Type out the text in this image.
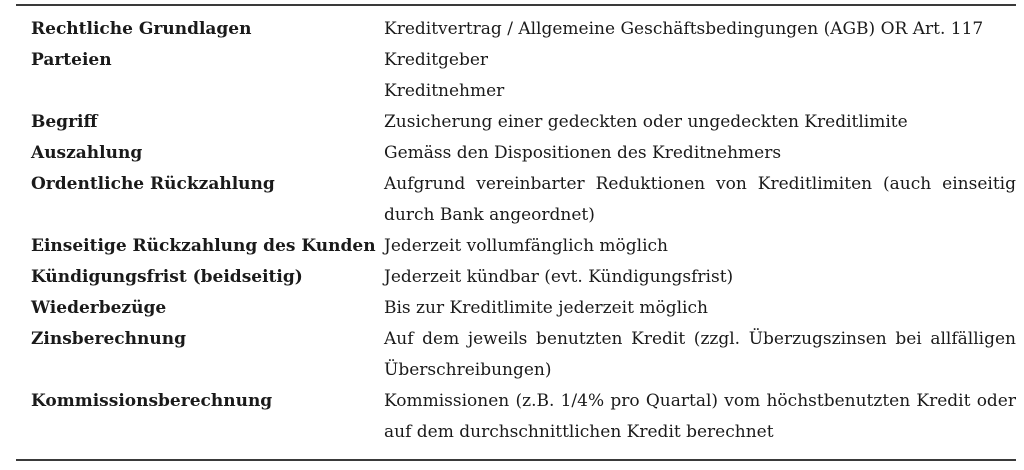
Rechtliche Grundlagen	Kreditvertrag / Allgemeine Geschäftsbedingungen (AGB) OR Art. 117

Parteien	Kreditgeber
Kreditnehmer

Begriff	Zusicherung einer gedeckten oder ungedeckten Kreditlimite

Auszahlung	Gemäss den Dispositionen des Kreditnehmers

Ordentliche Rückzahlung	Aufgrund vereinbarter Reduktionen von Kreditlimiten (auch einseitig durch Bank angeordnet)

Einseitige Rückzahlung des Kunden	Jederzeit vollumfänglich möglich

Kündigungsfrist (beidseitig)	Jederzeit kündbar (evt. Kündigungsfrist)

Wiederbezüge	Bis zur Kreditlimite jederzeit möglich

Zinsberechnung	Auf dem jeweils benutzten Kredit (zzgl. Überzugszinsen bei allfälligen Überschreibungen)

Kommissionsberechnung	Kommissionen (z.B. 1/4% pro Quartal) vom höchstbenutzten Kredit oder auf dem durchschnittlichen Kredit berechnet
